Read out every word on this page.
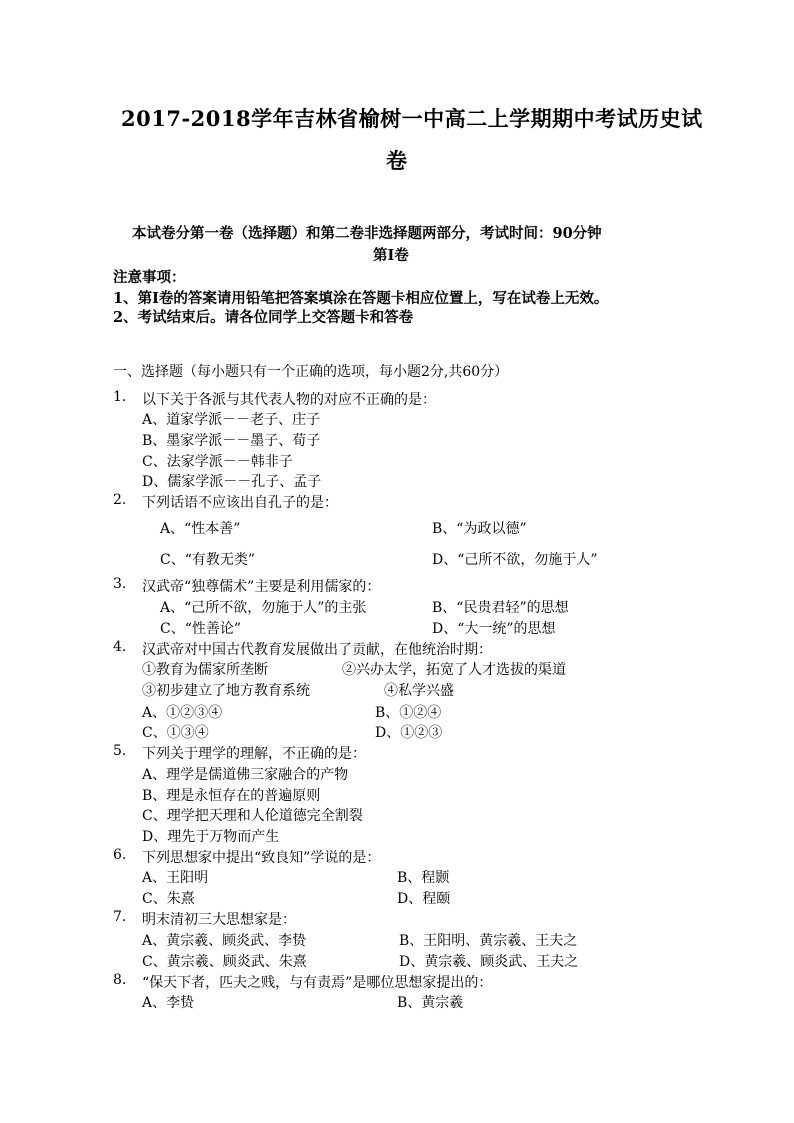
2017-2018学年吉林省榆树一中高二上学期期中考试历史试
卷
本试卷分第一卷（选择题）和第二卷非选择题两部分，考试时间：90分钟
第Ⅰ卷
注意事项：
1、第Ⅰ卷的答案请用铅笔把答案填涂在答题卡相应位置上，写在试卷上无效。
2、考试结束后。请各位同学上交答题卡和答卷
一、选择题（每小题只有一个正确的选项，每小题2分,共60分）
1. 以下关于各派与其代表人物的对应不正确的是：
A、道家学派－－老子、庄子
B、墨家学派－－墨子、荀子
C、法家学派－－韩非子
D、儒家学派－－孔子、孟子
2. 下列话语不应该出自孔子的是：
A、“性本善”	B、“为政以德”
C、“有教无类”	D、“己所不欲，勿施于人”
3. 汉武帝“独尊儒术”主要是利用儒家的：
A、“己所不欲，勿施于人”的主张	B、“民贵君轻”的思想
C、“性善论”	D、“大一统”的思想
4. 汉武帝对中国古代教育发展做出了贡献，在他统治时期：
①教育为儒家所垄断	②兴办太学，拓宽了人才选拔的渠道
③初步建立了地方教育系统	④私学兴盛
A、①②③④	B、①②④
C、①③④	D、①②③
5. 下列关于理学的理解，不正确的是：
A、理学是儒道佛三家融合的产物
B、理是永恒存在的普遍原则
C、理学把天理和人伦道德完全割裂
D、理先于万物而产生
6. 下列思想家中提出“致良知”学说的是：
A、王阳明	B、程颢
C、朱熹	D、程颐
7. 明末清初三大思想家是：
A、黄宗羲、顾炎武、李贽	B、王阳明、黄宗羲、王夫之
C、黄宗羲、顾炎武、朱熹	D、黄宗羲、顾炎武、王夫之
8. “保天下者，匹夫之贱，与有责焉”是哪位思想家提出的：
A、李贽	B、黄宗羲
